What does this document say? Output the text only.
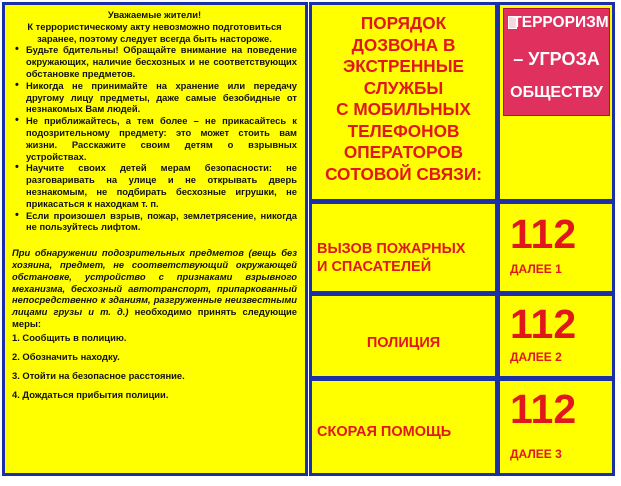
Уважаемые жители!
К террористическому акту невозможно подготовиться заранее, поэтому следует всегда быть настороже.
• Будьте бдительны! Обращайте внимание на поведение окружающих, наличие бесхозных и не соответствующих обстановке предметов.
• Никогда не принимайте на хранение или передачу другому лицу предметы, даже самые безобидные от незнакомых Вам людей.
• Не приближайтесь, а тем более – не прикасайтесь к подозрительному предмету: это может стоить вам жизни. Расскажите своим детям о взрывных устройствах.
• Научите своих детей мерам безопасности: не разговаривать на улице и не открывать дверь незнакомым, не подбирать бесхозные игрушки, не прикасаться к находкам т. п.
• Если произошел взрыв, пожар, землетрясение, никогда не пользуйтесь лифтом.
При обнаружении подозрительных предметов (вещь без хозяина, предмет, не соответствующий окружающей обстановке, устройство с признаками взрывного механизма, бесхозный автотранспорт, припаркованный непосредственно к зданиям, разгруженные неизвестными лицами грузы и т. д.) необходимо принять следующие меры:
1. Сообщить в полицию.
2. Обозначить находку.
3. Отойти на безопасное расстояние.
4. Дождаться прибытия полиции.
ПОРЯДОК
ДОЗВОНА В
ЭКСТРЕННЫЕ
СЛУЖБЫ
С МОБИЛЬНЫХ
ТЕЛЕФОНОВ
ОПЕРАТОРОВ
СОТОВОЙ СВЯЗИ:
ТЕРРОРИЗМ
– УГРОЗА
ОБЩЕСТВУ
ВЫЗОВ ПОЖАРНЫХ
И СПАСАТЕЛЕЙ
112
ДАЛЕЕ 1
ПОЛИЦИЯ	112
ДАЛЕЕ 2
СКОРАЯ ПОМОЩЬ	112
ДАЛЕЕ 3
